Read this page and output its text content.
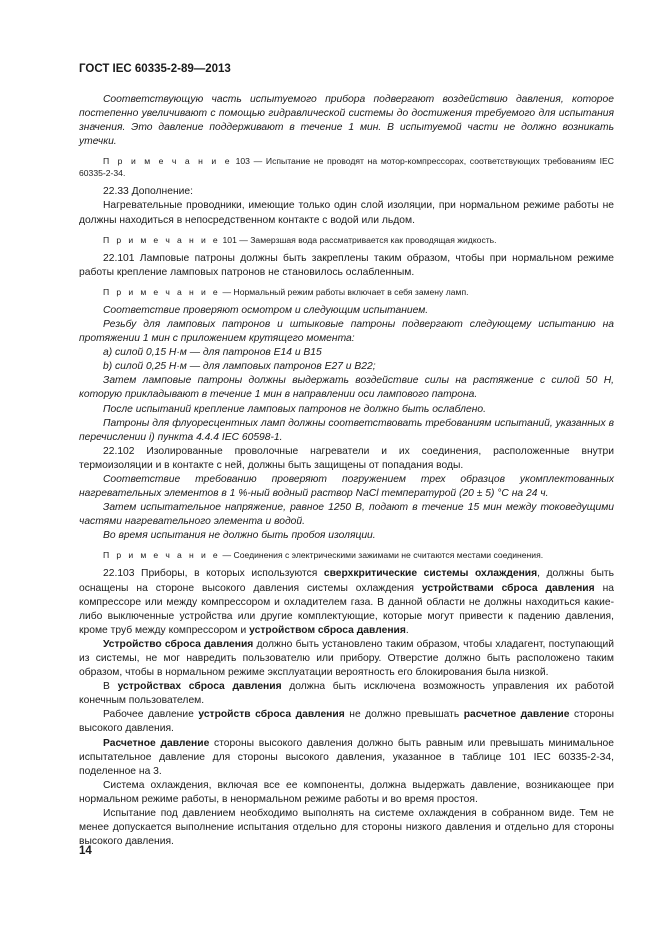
ГОСТ IEC 60335-2-89—2013

Соответствующую часть испытуемого прибора подвергают воздействию давления, которое постепенно увеличивают с помощью гидравлической системы до достижения требуемого для испытания значения. Это давление поддерживают в течение 1 мин. В испытуемой части не должно возникать утечки.

П р и м е ч а н и е 103 — Испытание не проводят на мотор-компрессорах, соответствующих требованиям IEC 60335-2-34.

22.33 Дополнение:

Нагревательные проводники, имеющие только один слой изоляции, при нормальном режиме работы не должны находиться в непосредственном контакте с водой или льдом.

П р и м е ч а н и е 101 — Замерзшая вода рассматривается как проводящая жидкость.

22.101 Ламповые патроны должны быть закреплены таким образом, чтобы при нормальном режиме работы крепление ламповых патронов не становилось ослабленным.

П р и м е ч а н и е — Нормальный режим работы включает в себя замену ламп.

Соответствие проверяют осмотром и следующим испытанием.

Резьбу для ламповых патронов и штыковые патроны подвергают следующему испытанию на протяжении 1 мин с приложением крутящего момента:

a) силой 0,15 Н·м — для патронов Е14 и В15

b) силой 0,25 Н·м — для ламповых патронов Е27 и В22;

Затем ламповые патроны должны выдержать воздействие силы на растяжение с силой 50 Н, которую прикладывают в течение 1 мин в направлении оси лампового патрона.

После испытаний крепление ламповых патронов не должно быть ослаблено.

Патроны для флуоресцентных ламп должны соответствовать требованиям испытаний, указанных в перечислении i) пункта 4.4.4 IEC 60598-1.

22.102 Изолированные проволочные нагреватели и их соединения, расположенные внутри термоизоляции и в контакте с ней, должны быть защищены от попадания воды.

Соответствие требованию проверяют погружением трех образцов укомплектованных нагревательных элементов в 1 %-ный водный раствор NaCl температурой (20 ± 5) °С на 24 ч.

Затем испытательное напряжение, равное 1250 В, подают в течение 15 мин между токоведущими частями нагревательного элемента и водой.

Во время испытания не должно быть пробоя изоляции.

П р и м е ч а н и е — Соединения с электрическими зажимами не считаются местами соединения.

22.103 Приборы, в которых используются сверхкритические системы охлаждения, должны быть оснащены на стороне высокого давления системы охлаждения устройствами сброса давления на компрессоре или между компрессором и охладителем газа. В данной области не должны находиться какие-либо выключенные устройства или другие комплектующие, которые могут привести к падению давления, кроме труб между компрессором и устройством сброса давления.

Устройство сброса давления должно быть установлено таким образом, чтобы хладагент, поступающий из системы, не мог навредить пользователю или прибору. Отверстие должно быть расположено таким образом, чтобы в нормальном режиме эксплуатации вероятность его блокирования была низкой.

В устройствах сброса давления должна быть исключена возможность управления их работой конечным пользователем.

Рабочее давление устройств сброса давления не должно превышать расчетное давление стороны высокого давления.

Расчетное давление стороны высокого давления должно быть равным или превышать минимальное испытательное давление для стороны высокого давления, указанное в таблице 101 IEC 60335-2-34, поделенное на 3.

Система охлаждения, включая все ее компоненты, должна выдержать давление, возникающее при нормальном режиме работы, в ненормальном режиме работы и во время простоя.

Испытание под давлением необходимо выполнять на системе охлаждения в собранном виде. Тем не менее допускается выполнение испытания отдельно для стороны низкого давления и отдельно для стороны высокого давления.

14
